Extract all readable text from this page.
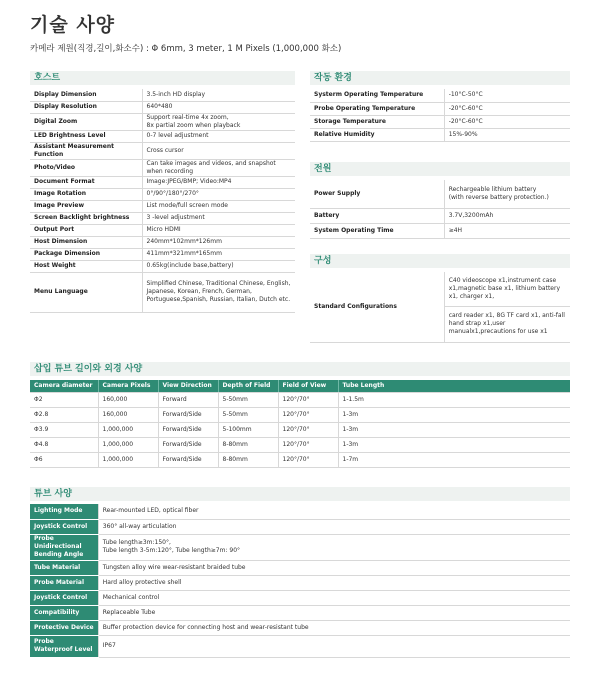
기술 사양
카메라 제원(직경,길이,화소수) : Φ 6mm, 3 meter, 1 M Pixels (1,000,000 화소)
호스트
Display Dimension	3.5-inch HD display
Display Resolution	640*480
Digital Zoom	Support real-time 4x zoom,
8x partial zoom when playback
LED Brightness Level	0-7 level adjustment
Assistant Measurement Function	Cross cursor
Photo/Video	Can take images and videos, and snapshot when recording
Document Format	Image:JPEG/BMP; Video:MP4
Image Rotation	0°/90°/180°/270°
Image Preview	List mode/full screen mode
Screen Backlight brightness	3 -level adjustment
Output Port	Micro HDMI
Host Dimension	240mm*102mm*126mm
Package Dimension	411mm*321mm*165mm
Host Weight	0.65kg(include base,battery)
Menu Language	Simplified Chinese, Traditional Chinese, English, Japanese, Korean, French, German, Portuguese,Spanish, Russian, Italian, Dutch etc.
작동 환경
Systerm Operating Temperature	-10°C-50°C
Probe Operating Temperature	-20°C-60°C
Storage Temperature	-20°C-60°C
Relative Humidity	15%-90%
전원
Power Supply	Rechargeable lithium battery
(with reverse battery protection.)
Battery	3.7V,3200mAh
System Operating Time	≥4H
구성
Standard Configurations	C40 videoscope x1,instrument case x1,magnetic base x1, lithium battery x1, charger x1,
card reader x1, 8G TF card x1, anti-fall hand strap x1,user manualx1,precautions for use x1
삽입 튜브 길이와 외경 사양
Camera diameter	Camera Pixels	View Direction	Depth of Field	Field of View	Tube Length
Φ2	160,000	Forward	5-50mm	120°/70°	1-1.5m
Φ2.8	160,000	Forward/Side	5-50mm	120°/70°	1-3m
Φ3.9	1,000,000	Forward/Side	5-100mm	120°/70°	1-3m
Φ4.8	1,000,000	Forward/Side	8-80mm	120°/70°	1-3m
Φ6	1,000,000	Forward/Side	8-80mm	120°/70°	1-7m
튜브 사양
Lighting Mode	Rear-mounted LED, optical fiber
Joystick Control	360° all-way articulation
Probe Unidirectional Bending Angle	Tube length≥3m:150°,
Tube length 3-5m:120°, Tube length≥7m: 90°
Tube Material	Tungsten alloy wire wear-resistant braided tube
Probe Material	Hard alloy protective shell
Joystick Control	Mechanical control
Compatibility	Replaceable Tube
Protective Device	Buffer protection device for connecting host and wear-resistant tube
Probe Waterproof Level	IP67
